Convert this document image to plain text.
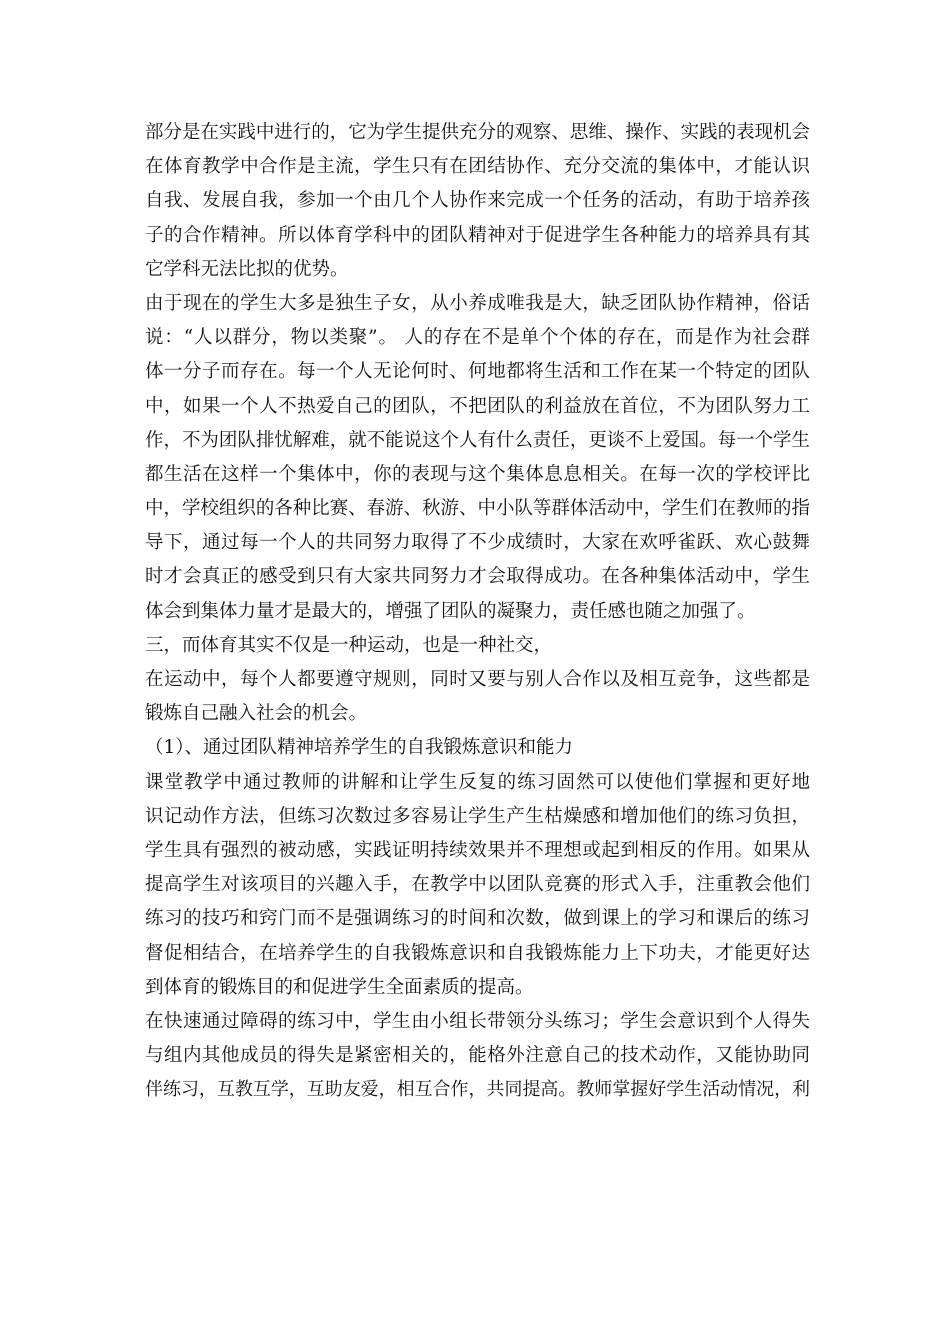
部分是在实践中进行的，它为学生提供充分的观察、思维、操作、实践的表现机会
在体育教学中合作是主流，学生只有在团结协作、充分交流的集体中，才能认识
自我、发展自我，参加一个由几个人协作来完成一个任务的活动，有助于培养孩
子的合作精神。所以体育学科中的团队精神对于促进学生各种能力的培养具有其
它学科无法比拟的优势。
由于现在的学生大多是独生子女，从小养成唯我是大，缺乏团队协作精神，俗话
说：“人以群分，物以类聚”。 人的存在不是单个个体的存在，而是作为社会群
体一分子而存在。每一个人无论何时、何地都将生活和工作在某一个特定的团队
中，如果一个人不热爱自己的团队，不把团队的利益放在首位，不为团队努力工
作，不为团队排忧解难，就不能说这个人有什么责任，更谈不上爱国。每一个学生
都生活在这样一个集体中，你的表现与这个集体息息相关。在每一次的学校评比
中，学校组织的各种比赛、春游、秋游、中小队等群体活动中，学生们在教师的指
导下，通过每一个人的共同努力取得了不少成绩时，大家在欢呼雀跃、欢心鼓舞
时才会真正的感受到只有大家共同努力才会取得成功。在各种集体活动中，学生
体会到集体力量才是最大的，增强了团队的凝聚力，责任感也随之加强了。
三，而体育其实不仅是一种运动，也是一种社交，
在运动中，每个人都要遵守规则，同时又要与别人合作以及相互竞争，这些都是
锻炼自己融入社会的机会。
（1）、通过团队精神培养学生的自我锻炼意识和能力
课堂教学中通过教师的讲解和让学生反复的练习固然可以使他们掌握和更好地
识记动作方法，但练习次数过多容易让学生产生枯燥感和增加他们的练习负担，
学生具有强烈的被动感，实践证明持续效果并不理想或起到相反的作用。如果从
提高学生对该项目的兴趣入手，在教学中以团队竞赛的形式入手，注重教会他们
练习的技巧和窍门而不是强调练习的时间和次数，做到课上的学习和课后的练习
督促相结合，在培养学生的自我锻炼意识和自我锻炼能力上下功夫，才能更好达
到体育的锻炼目的和促进学生全面素质的提高。
在快速通过障碍的练习中，学生由小组长带领分头练习；学生会意识到个人得失
与组内其他成员的得失是紧密相关的，能格外注意自己的技术动作，又能协助同
伴练习，互教互学，互助友爱，相互合作，共同提高。教师掌握好学生活动情况，利
